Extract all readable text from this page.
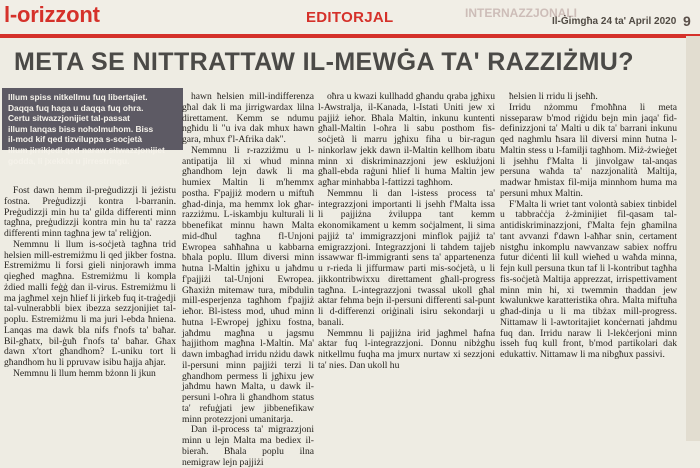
l-orizzont	EDITORJAL	INTERNAZZJONALI
Il-Ġimgħa 24 ta' April 2020 9
META SE NITTRATTAW IL-MEWĠA TA' RAZZIŻMU?

Illum spiss nitkellmu fuq libertajiet.

Daqqa fuq haga u daqqa fuq ohra.

Certu sitwazzjonijiet tal-passat

illum lanqas biss noholmuhom. Biss

il-mod kif qed tizviluppa s-socjetà

illum jirrikjedi qed naraw sitwazzjonijiet

godda, li jxekklu u jirrestringu.

Fost dawn hemm il-preġudizzji li jeżistu fostna. Preġudizzji kontra l-barranin. Preġudizzji min hu ta' gilda differenti minn tagħna, preġudizzji kontra min hu ta' razza differenti minn tagħna jew ta' reliġjon.

Nemmnu li llum is-soċjetà tagħna trid helsien mill-estremiżmu li qed jikber fostna. Estremiżmu li forsi gieli ninjorawh imma qiegħed magħna. Estremiżmu li kompla żdied malli feġġ dan il-virus. Estremiżmu li ma jagħmel xejn ħlief li jirkeb fuq it-traġedji tal-vulnerabbli biex ibezza sezzjonijiet tal-poplu. Estremiżmu li ma juri l-ebda ħniena. Lanqas ma dawk bla nifs f'nofs ta' baħar. Bil-għatx, bil-ġuħ f'nofs ta' baħar. Għax dawn x'tort għandhom? L-uniku tort li għandhom hu li ppruvaw isibu ħajja aħjar.

Nemmnu li llum hemm bżonn li jkun

hawn ħelsien mill-indifferenza għal dak li ma jirrigwardax lilna direttament. Kemm se ndumu ngħidu li "u iva dak mhux hawn gara, mhux f'l-Afrika dak".

Nemmnu li r-razziżmu u l-antipatija lil xi whud minna għandhom lejn dawk li ma humiex Maltin li m'hemmx postha. F'pajjiż modern u miftuħ għad-dinja, ma hemmx lok għar-razziżmu. L-iskambju kulturali li bbenefikat minnu hawn Malta mid-dħul tagħna fl-Unjoni Ewropea saħħaħna u kabbarna bħala poplu. Illum diversi minn ħutna l-Maltin jgħixu u jaħdmu f'pajjiżi tal-Unjoni Ewropea. Għaxiżn mitemaw tura, mibdulin mill-esperjenza tagħhom f'pajjiż ieħor. Bl-istess mod, uħud minn ħutna l-Ewropej jgħixu fostna, jaħdmu magħna u jagsmu ħajjithom magħna l-Maltin. Ma' dawn imbagħad irridu nżidu dawk il-persuni minn pajjiżi terzi li għandhom permess li jgħixu jew jaħdmu hawn Malta, u dawk il-persuni l-oħra li għandhom status ta' refuġjati jew jibbenefikaw minn protezzjoni umanitarja.

Dan il-process ta' migrazzjoni minn u lejn Malta ma bediex il-bieraħ. Bħala poplu ilna nemigraw lejn pajjiżi

oħra u kwazi kullhadd għandu qraba jgħixu l-Awstralja, il-Kanada, l-Istati Uniti jew xi pajjiż ieħor. Bħala Maltin, inkunu kuntenti għall-Maltin l-oħra li sabu posthom fis-soċjetà li marru jgħixu fiha u bir-ragun ninkorlaw jekk dawn il-Maltin kellhom ibatu minn xi diskriminazzjoni jew esklużjoni għall-ebda raġuni ħlief li huma Maltin jew agħar minhabba l-fattizzi tagħhom.

Nemmnu li dan l-istess process ta' integrazzjoni importanti li jsehh f'Malta issa li pajjiżna żviluppa tant kemm ekonomikament u kemm soċjalment, li sima pajjiż ta' immigrazzjoni minflok pajjiż ta' emigrazzjoni. Integrazzjoni li tahdem tajjeb issawwar fl-immigranti sens ta' appartenenza u r-rieda li jiffurmaw parti mis-soċjetà, u li jikkontribwixxu direttament għall-progress tagħna. L-integrazzjoni twassal ukoll għal aktar fehma bejn il-persuni differenti sal-punt li d-differenzi oriġinali isiru sekondarji u banali.

Nemmnu li pajjiżna irid jagħmel ħafna aktar fuq l-integrazzjoni. Donnu nibżgħu nitkellmu fuqha ma jmurx nurtaw xi sezzjoni ta' nies. Dan ukoll hu

ħelsien li rridu li jseħħ.

Irridu nżommu f'moħħna li meta nisseparaw b'mod riġidu bejn min jaqa' fid-definizzjoni ta' Malti u dik ta' barrani inkunu qed naghmlu ħsara lil diversi minn ħutna l-Maltin stess u l-familji tagħhom. Miż-żwieġet li jsehhu f'Malta li jinvolgaw tal-anqas persuna waħda ta' nazzjonalità Maltija, madwar ħmistax fil-mija minnhom huma ma persuni mhux Maltin.

F'Malta li wriet tant volontà sabiex tinbidel u tabbraċċja ż-żminijiet fil-qasam tal-antidiskriminazzjoni, f'Malta fejn għamilna tant avvanzi f'dawn l-aħħar snin, certament nistgħu inkomplu nawvanzaw sabiex noffru futur diċenti lil kull wieħed u waħda minna, fejn kull persuna tkun taf li l-kontribut tagħha fis-soċjetà Maltija apprezzat, irrispettivament minn min hi, xi twemmin thaddan jew kwalunkwe karatteristika oħra. Malta miftuħa għad-dinja u li ma tibżax mill-progress. Nittamaw li l-awtoritajiet konċernati jaħdmu fuq dan. Irridu naraw li l-lekċerjoni minn isseh fuq kull front, b'mod partikolari dak edukattiv. Nittamaw li ma nibgħux passivi.
